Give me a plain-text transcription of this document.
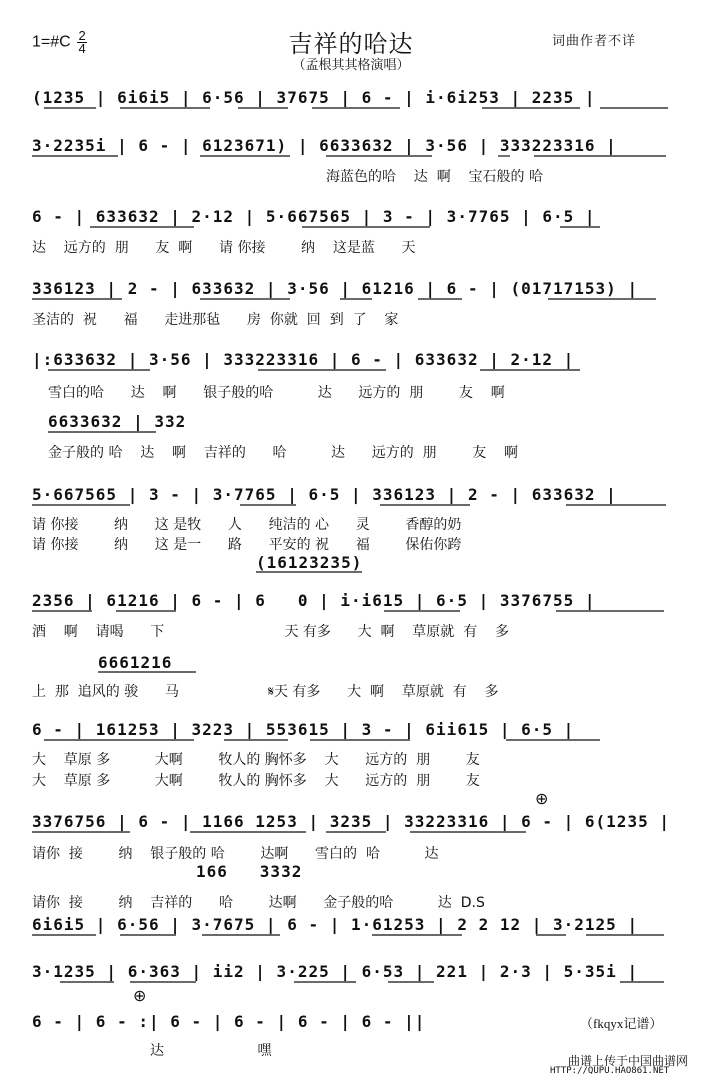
1=#C $\frac{2}{4}$	吉祥的哈达
（孟根其其格演唱）
词曲作者不详
(1235 | 6i6i5 | 6·56 | 37675 | 6 - | i·6i253 | 2235 |
3·2235i | 6 - | 6123671) | 6633632 | 3·56 | 333223316 |
6 - | 633632 | 2·12 | 5·667565 | 3 - | 3·7765 | 6·5 |
336123 | 2 - | 633632 | 3·56 | 61216 | 6 - | (01717153) |
|:633632 | 3·56 | 333223316 | 6 - | 633632 | 2·12 |
6633632 | 332
5·667565 | 3 - | 3·7765 | 6·5 | 336123 | 2 - | 633632 |
(16123235)
2356 | 61216 | 6 - | 6   0 | i·i615 | 6·5 | 3376755 |
6661216
6 - | 161253 | 3223 | 553615 | 3 - | 6ii615 | 6·5 |
3376756 | 6 - | 1166 1253 | 3235 | 33223316 | 6 - | 6(1235 |
166   3332
6i6i5 | 6·56 | 3·7675 | 6 - | 1·61253 | 2 2 12 | 3·2125 |
3·1235 | 6·363 | ii2 | 3·225 | 6·53 | 221 | 2·3 | 5·35i |
6 - | 6 - :| 6 - | 6 - | 6 - | 6 - ||
海蓝色的哈    达  啊    宝石般的 哈
达    远方的  朋      友  啊      请 你接        纳    这是蓝      天
圣洁的  祝      福      走进那毡      房  你就  回  到  了    家
雪白的哈      达    啊      银子般的哈          达      远方的  朋        友    啊
金子般的 哈    达    啊    吉祥的      哈          达      远方的  朋        友    啊
请 你接        纳      这 是牧      人      纯洁的 心      灵        香醇的奶
请 你接        纳      这 是一      路      平安的 祝      福        保佑你跨
酒    啊    请喝      下                           天 有多      大  啊    草原就  有    多
上  那  追风的 骏      马                    𝄋天 有多      大  啊    草原就  有    多
大    草原 多          大啊        牧人的 胸怀多    大      远方的  朋        友
大    草原 多          大啊        牧人的 胸怀多    大      远方的  朋        友
请你  接        纳    银子般的 哈        达啊      雪白的  哈          达
请你  接        纳    吉祥的      哈        达啊      金子般的哈          达  D.S
达                     嘿
⊕
⊕
（fkqyx记谱）
曲谱上传于中国曲谱网
HTTP://QUPU.HAO861.NET
